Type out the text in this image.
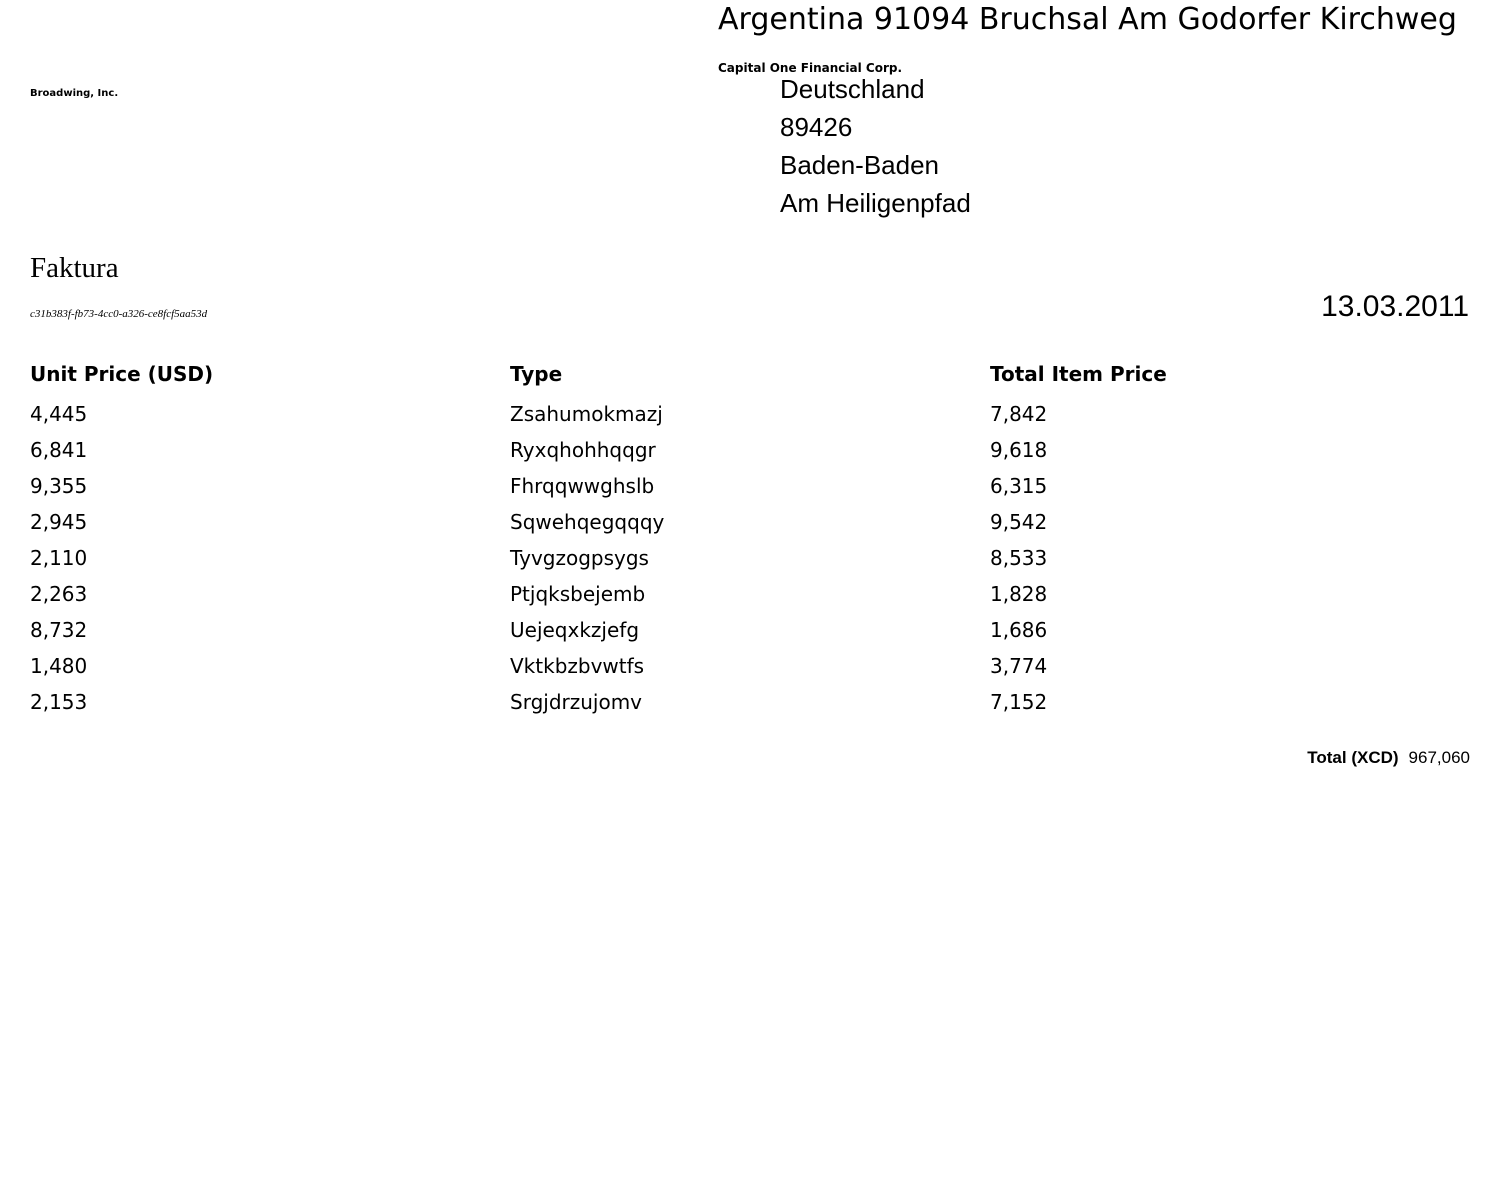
Argentina 91094 Bruchsal Am Godorfer Kirchweg
Capital One Financial Corp.
Broadwing, Inc.	Deutschland
89426
Baden-Baden
Am Heiligenpfad
Faktura
c31b383f-fb73-4cc0-a326-ce8fcf5aa53d	13.03.2011
Unit Price (USD)	Type	Total Item Price
4,445	Zsahumokmazj	7,842
6,841	Ryxqhohhqqgr	9,618
9,355	Fhrqqwwghslb	6,315
2,945	Sqwehqegqqqy	9,542
2,110	Tyvgzogpsygs	8,533
2,263	Ptjqksbejemb	1,828
8,732	Uejeqxkzjefg	1,686
1,480	Vktkbzbvwtfs	3,774
2,153	Srgjdrzujomv	7,152
Total (XCD) 967,060
